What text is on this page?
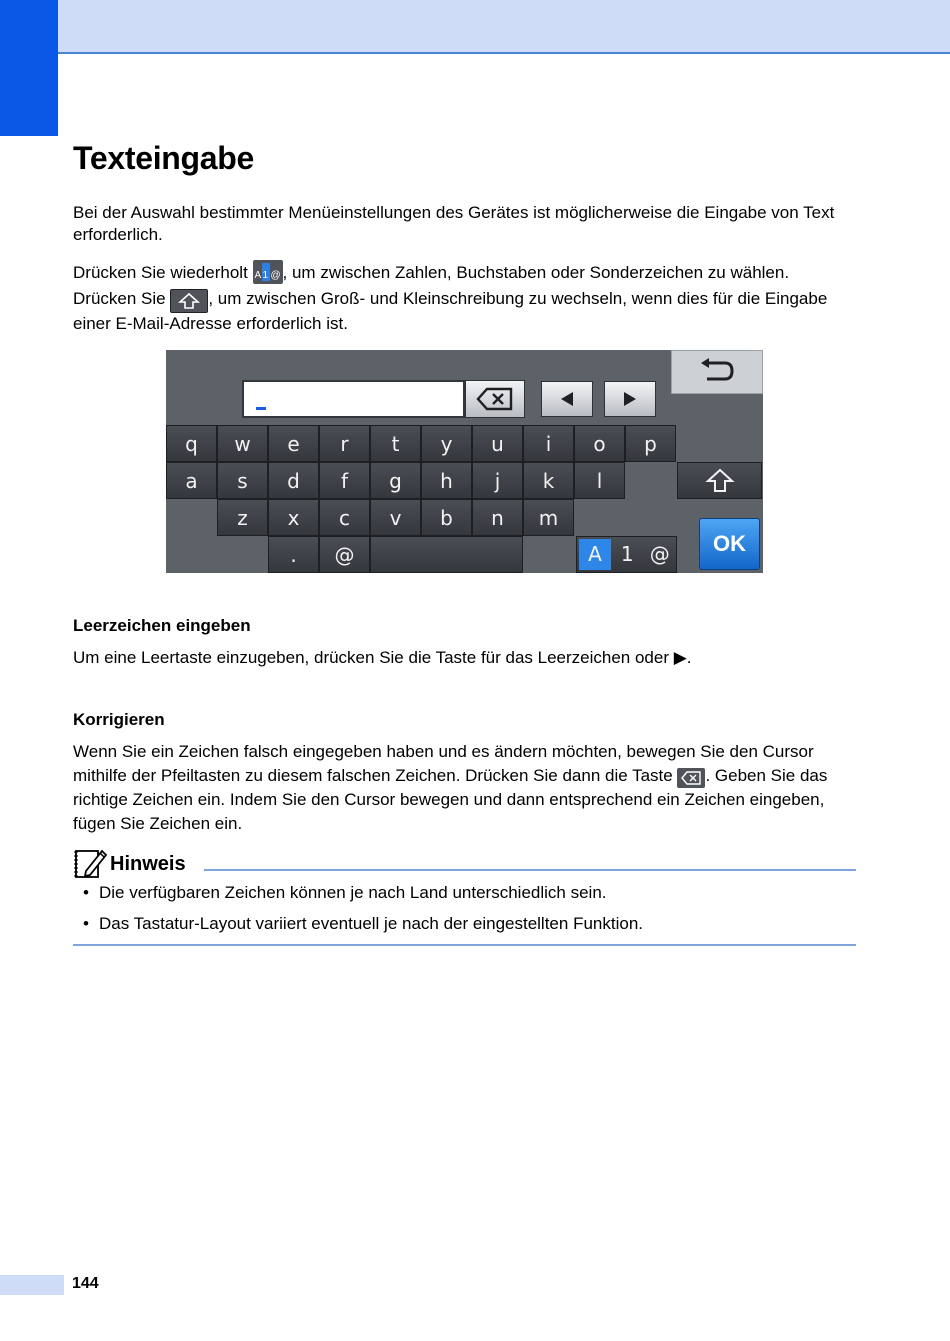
Texteingabe

Bei der Auswahl bestimmter Menüeinstellungen des Gerätes ist möglicherweise die Eingabe von Text erforderlich.

Drücken Sie wiederholt A 1 @ , um zwischen Zahlen, Buchstaben oder Sonderzeichen zu wählen.

Drücken Sie
, um zwischen Groß- und Kleinschreibung zu wechseln, wenn dies für die Eingabe einer E-Mail-Adresse erforderlich ist.

q	w	e	r	t	y	u	i	o	p
a	s	d	f	g	h	j	k	l
z	x	c	v	b	n	m
.	@	A 1 @	OK
Leerzeichen eingeben

Um eine Leertaste einzugeben, drücken Sie die Taste für das Leerzeichen oder ▶.

Korrigieren

Wenn Sie ein Zeichen falsch eingegeben haben und es ändern möchten, bewegen Sie den Cursor mithilfe der Pfeiltasten zu diesem falschen Zeichen. Drücken Sie dann die Taste
. Geben Sie das richtige Zeichen ein. Indem Sie den Cursor bewegen und dann entsprechend ein Zeichen eingeben, fügen Sie Zeichen ein.

Hinweis
• Die verfügbaren Zeichen können je nach Land unterschiedlich sein.
• Das Tastatur-Layout variiert eventuell je nach der eingestellten Funktion.
144
